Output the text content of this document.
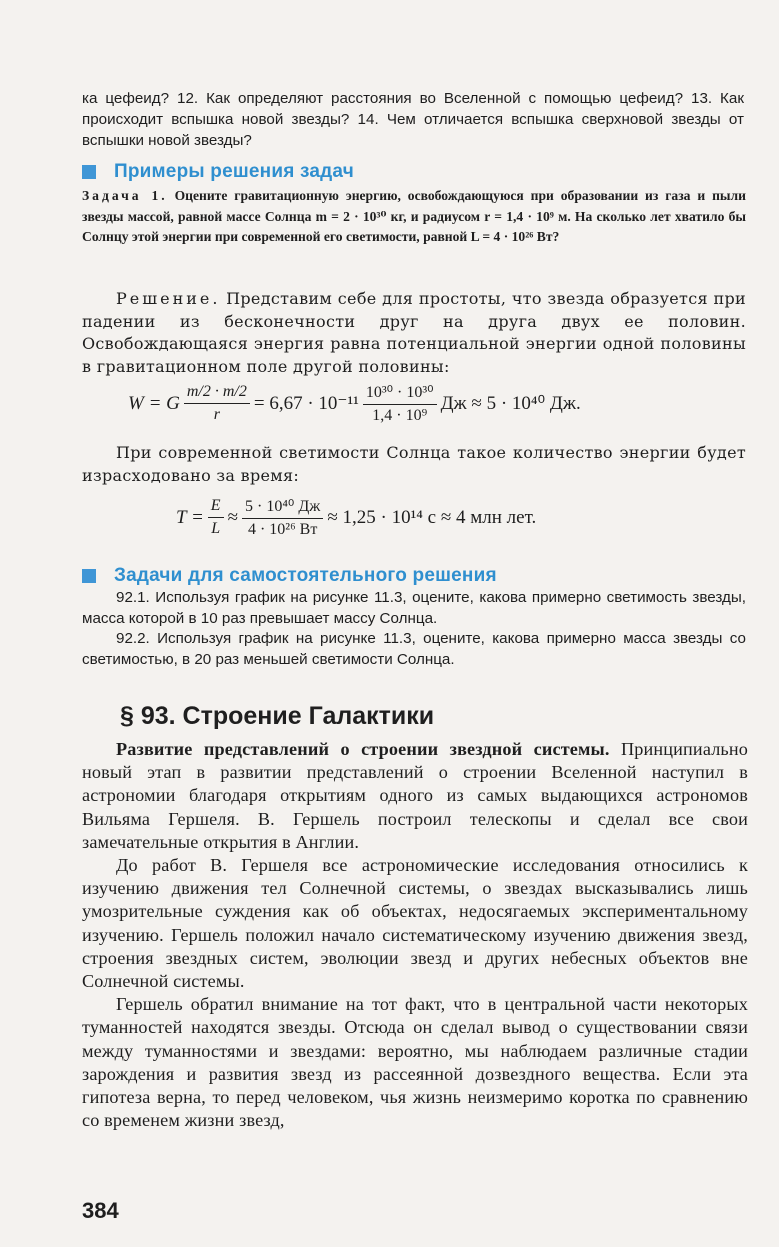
ка цефеид? 12. Как определяют расстояния во Вселенной с помощью цефеид? 13. Как происходит вспышка новой звезды? 14. Чем отличается вспышка сверхновой звезды от вспышки новой звезды?
Примеры решения задач
Задача 1. Оцените гравитационную энергию, освобождающуюся при образовании из газа и пыли звезды массой, равной массе Солнца m = 2 · 10³⁰ кг, и радиусом r = 1,4 · 10⁹ м. На сколько лет хватило бы Солнцу этой энергии при современной его светимости, равной L = 4 · 10²⁶ Вт?
Решение. Представим себе для простоты, что звезда образуется при падении из бесконечности друг на друга двух ее половин. Освобождающаяся энергия равна потенциальной энергии одной половины в гравитационном поле другой половины:
W = G $\frac{m/2 \cdot m/2}{r} = 6,67 \cdot 10^{-11} \frac{\text{10³⁰ · 10³⁰}}{\text{1,4 · 10⁹}}$ Дж ≈ 5 · 10⁴⁰ Дж.
При современной светимости Солнца такое количество энергии будет израсходовано за время:
$T = \frac{E}{L} \approx \frac{\text{5 · 10⁴⁰ Дж}}{\text{4 · 10²⁶ Вт}} \approx 1,25 \cdot 10^{14}$ с ≈ 4 млн лет.
Задачи для самостоятельного решения

92.1. Используя график на рисунке 11.3, оцените, какова примерно светимость звезды, масса которой в 10 раз превышает массу Солнца.

92.2. Используя график на рисунке 11.3, оцените, какова примерно масса звезды со светимостью, в 20 раз меньшей светимости Солнца.

§ 93. Строение Галактики

Развитие представлений о строении звездной системы. Принципиально новый этап в развитии представлений о строении Вселенной наступил в астрономии благодаря открытиям одного из самых выдающихся астрономов Вильяма Гершеля. В. Гершель построил телескопы и сделал все свои замечательные открытия в Англии.

До работ В. Гершеля все астрономические исследования относились к изучению движения тел Солнечной системы, о звездах высказывались лишь умозрительные суждения как об объектах, недосягаемых экспериментальному изучению. Гершель положил начало систематическому изучению движения звезд, строения звездных систем, эволюции звезд и других небесных объектов вне Солнечной системы.

Гершель обратил внимание на тот факт, что в центральной части некоторых туманностей находятся звезды. Отсюда он сделал вывод о существовании связи между туманностями и звездами: вероятно, мы наблюдаем различные стадии зарождения и развития звезд из рассеянной дозвездного вещества. Если эта гипотеза верна, то перед человеком, чья жизнь неизмеримо коротка по сравнению со временем жизни звезд,

384
